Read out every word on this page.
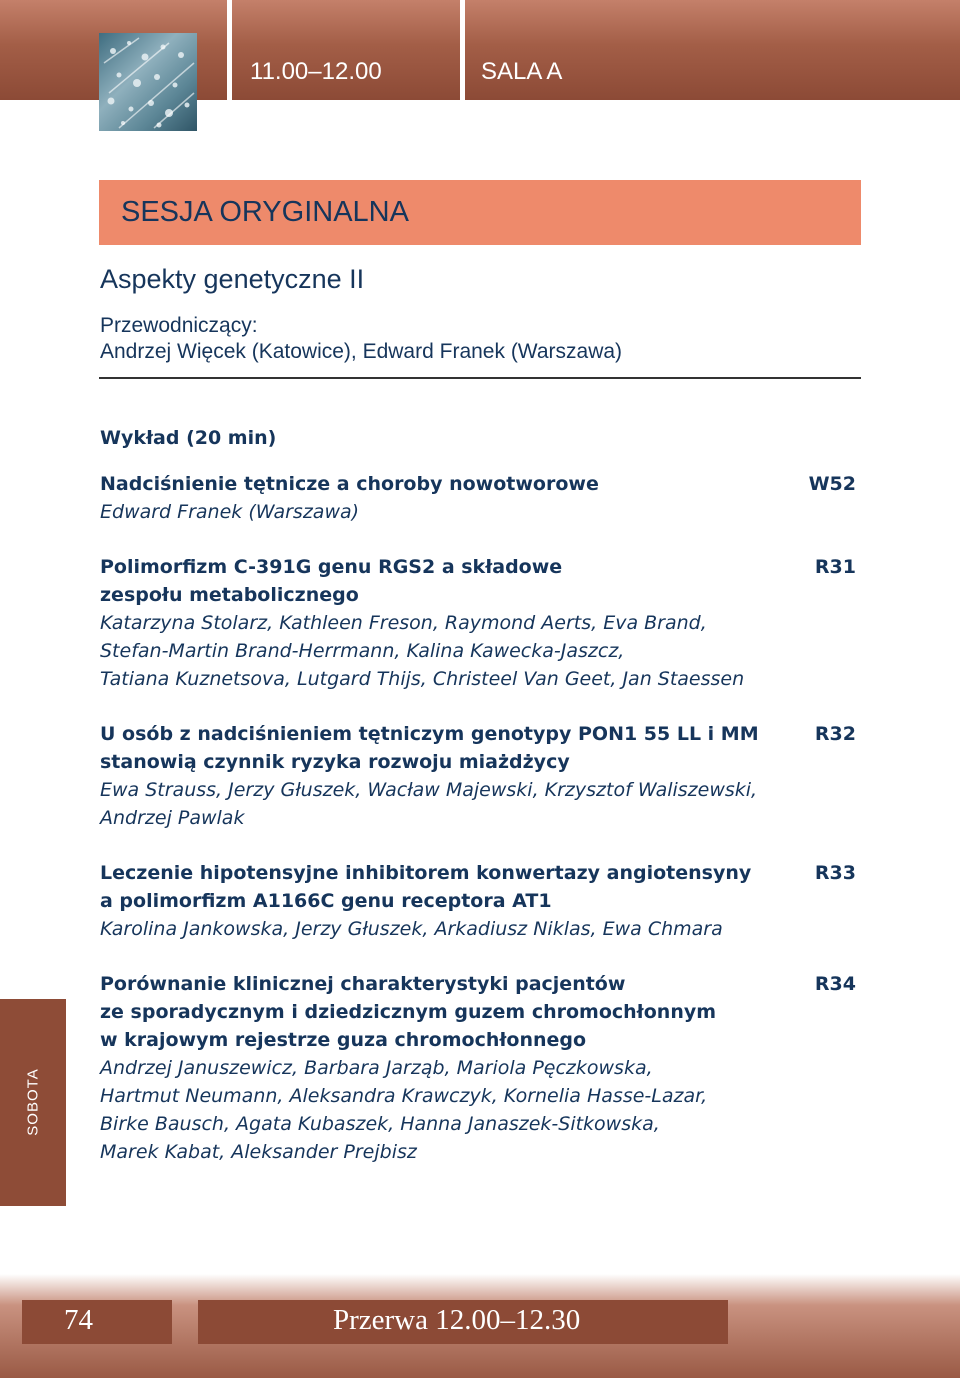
11.00–12.00	SALA A

SESJA ORYGINALNA

Aspekty genetyczne II

Przewodniczący:

Andrzej Więcek (Katowice), Edward Franek (Warszawa)

Wykład (20 min)

Nadciśnienie tętnicze a choroby nowotworowe

Edward Franek (Warszawa)

W52

Polimorfizm C-391G genu RGS2 a składowe
zespołu metabolicznego

Katarzyna Stolarz, Kathleen Freson, Raymond Aerts, Eva Brand,
Stefan-Martin Brand-Herrmann, Kalina Kawecka-Jaszcz,
Tatiana Kuznetsova, Lutgard Thijs, Christeel Van Geet, Jan Staessen

R31

U osób z nadciśnieniem tętniczym genotypy PON1 55 LL i MM
stanowią czynnik ryzyka rozwoju miażdżycy

Ewa Strauss, Jerzy Głuszek, Wacław Majewski, Krzysztof Waliszewski,
Andrzej Pawlak

R32

Leczenie hipotensyjne inhibitorem konwertazy angiotensyny
a polimorfizm A1166C genu receptora AT1

Karolina Jankowska, Jerzy Głuszek, Arkadiusz Niklas, Ewa Chmara

R33

Porównanie klinicznej charakterystyki pacjentów
ze sporadycznym i dziedzicznym guzem chromochłonnym
w krajowym rejestrze guza chromochłonnego

Andrzej Januszewicz, Barbara Jarząb, Mariola Pęczkowska,
Hartmut Neumann, Aleksandra Krawczyk, Kornelia Hasse-Lazar,
Birke Bausch, Agata Kubaszek, Hanna Janaszek-Sitkowska,
Marek Kabat, Aleksander Prejbisz

R34

SOBOTA

74	Przerwa 12.00–12.30
